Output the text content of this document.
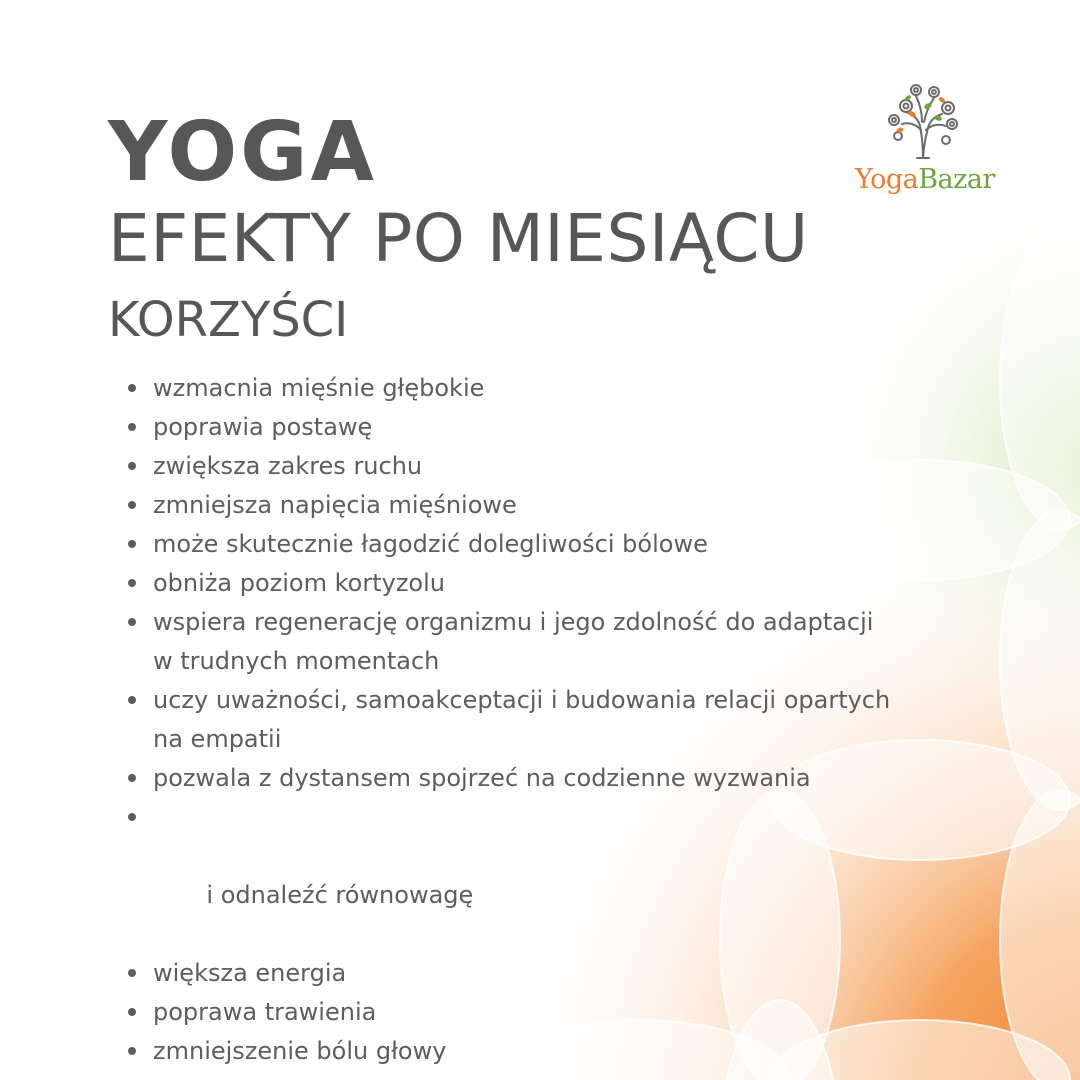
YogaBazar
YOGA
EFEKTY PO MIESIĄCU
KORZYŚCI
wzmacnia mięśnie głębokie
poprawia postawę
zwiększa zakres ruchu
zmniejsza napięcia mięśniowe
może skutecznie łagodzić dolegliwości bólowe
obniża poziom kortyzolu
wspiera regenerację organizmu i jego zdolność do adaptacji
w trudnych momentach
uczy uważności, samoakceptacji i budowania relacji opartych
na empatii
pozwala z dystansem spojrzeć na codzienne wyzwania

i odnaleźć równowagę

większa energia
poprawa trawienia
zmniejszenie bólu głowy
